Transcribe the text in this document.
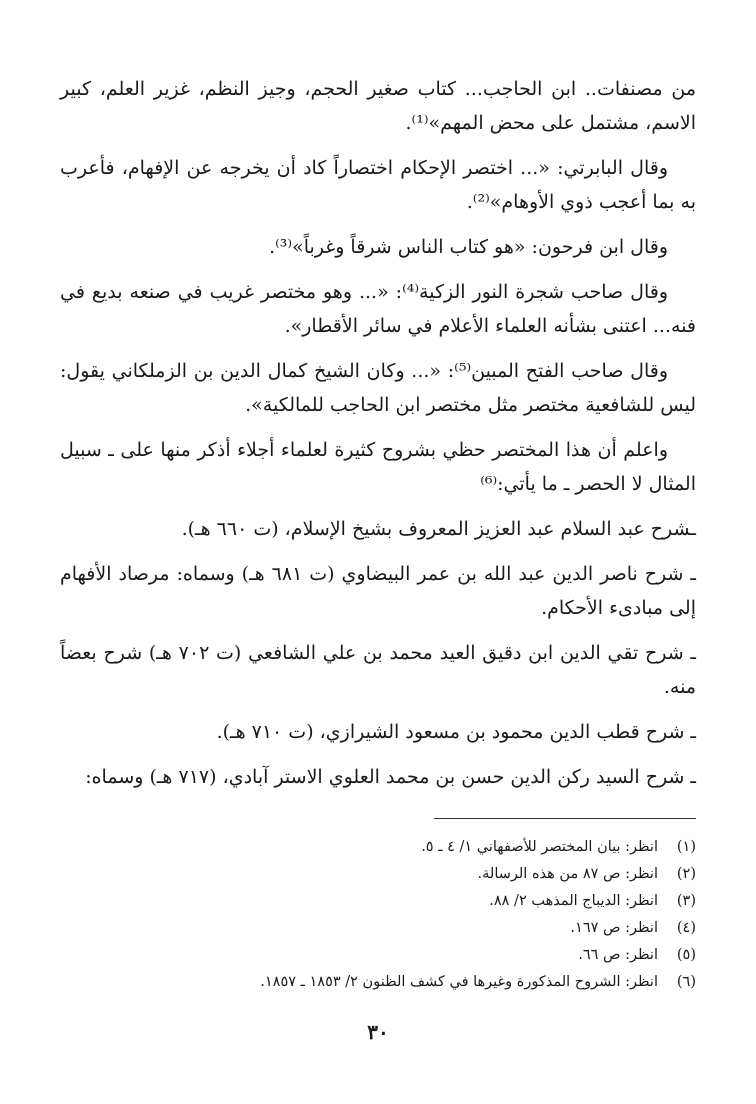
من مصنفات.. ابن الحاجب... كتاب صغير الحجم، وجيز النظم، غزير العلم، كبير الاسم، مشتمل على محض المهم»⁽¹⁾.

وقال البابرتي: «... اختصر الإحكام اختصاراً كاد أن يخرجه عن الإفهام، فأعرب به بما أعجب ذوي الأوهام»⁽²⁾.

وقال ابن فرحون: «هو كتاب الناس شرقاً وغرباً»⁽³⁾.

وقال صاحب شجرة النور الزكية⁽⁴⁾: «... وهو مختصر غريب في صنعه بديع في فنه... اعتنى بشأنه العلماء الأعلام في سائر الأقطار».

وقال صاحب الفتح المبين⁽⁵⁾: «... وكان الشيخ كمال الدين بن الزملكاني يقول: ليس للشافعية مختصر مثل مختصر ابن الحاجب للمالكية».

واعلم أن هذا المختصر حظي بشروح كثيرة لعلماء أجلاء أذكر منها على ـ سبيل المثال لا الحصر ـ ما يأتي:⁽⁶⁾

ـشرح عبد السلام عبد العزيز المعروف بشيخ الإسلام، (ت ٦٦٠ هـ).

ـ شرح ناصر الدين عبد الله بن عمر البيضاوي (ت ٦٨١ هـ) وسماه: مرصاد الأفهام إلى مبادىء الأحكام.

ـ شرح تقي الدين ابن دقيق العيد محمد بن علي الشافعي (ت ٧٠٢ هـ) شرح بعضاً منه.

ـ شرح قطب الدين محمود بن مسعود الشيرازي، (ت ٧١٠ هـ).

ـ شرح السيد ركن الدين حسن بن محمد العلوي الاستر آبادي، (٧١٧ هـ) وسماه:

(١)
انظر: بيان المختصر للأصفهاني ١/ ٤ ـ ٥.
(٢)
انظر: ص ٨٧ من هذه الرسالة.
(٣)
انظر: الديباج المذهب ٢/ ٨٨.
(٤)
انظر: ص ١٦٧.
(٥)
انظر: ص ٦٦.
(٦)
انظر: الشروح المذكورة وغيرها في كشف الظنون ٢/ ١٨٥٣ ـ ١٨٥٧.
٣٠
